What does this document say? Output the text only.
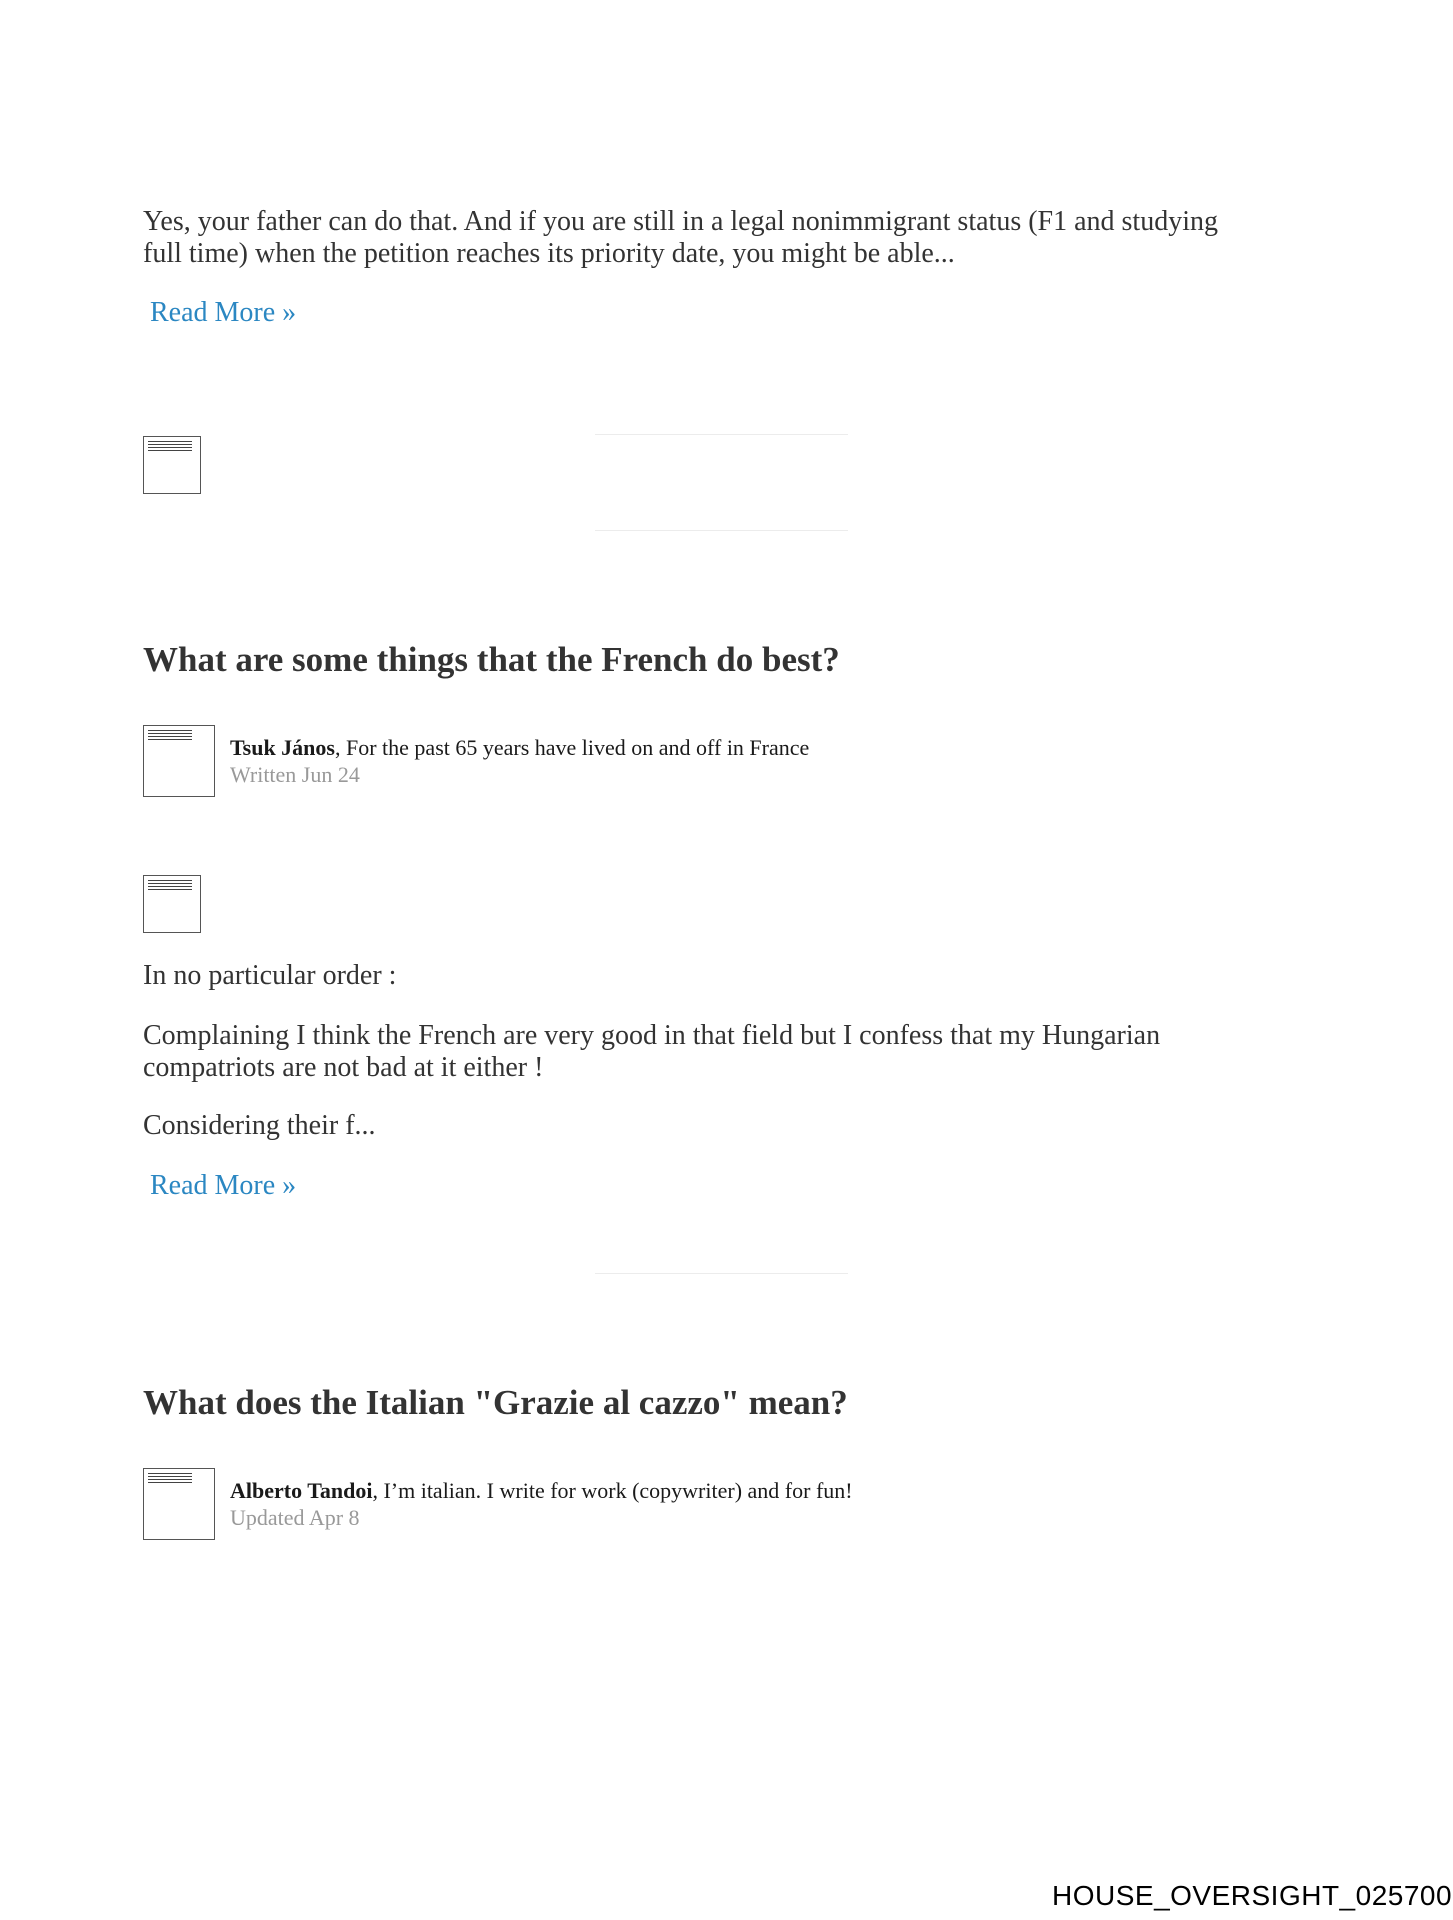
Yes, your father can do that. And if you are still in a legal nonimmigrant status (F1 and studying

full time) when the petition reaches its priority date, you might be able...

Read More »
What are some things that the French do best?
Tsuk János, For the past 65 years have lived on and off in France
Written Jun 24

In no particular order :

Complaining I think the French are very good in that field but I confess that my Hungarian

compatriots are not bad at it either !

Considering their f...

Read More »
What does the Italian "Grazie al cazzo" mean?
Alberto Tandoi, I’m italian. I write for work (copywriter) and for fun!
Updated Apr 8
HOUSE_OVERSIGHT_025700
